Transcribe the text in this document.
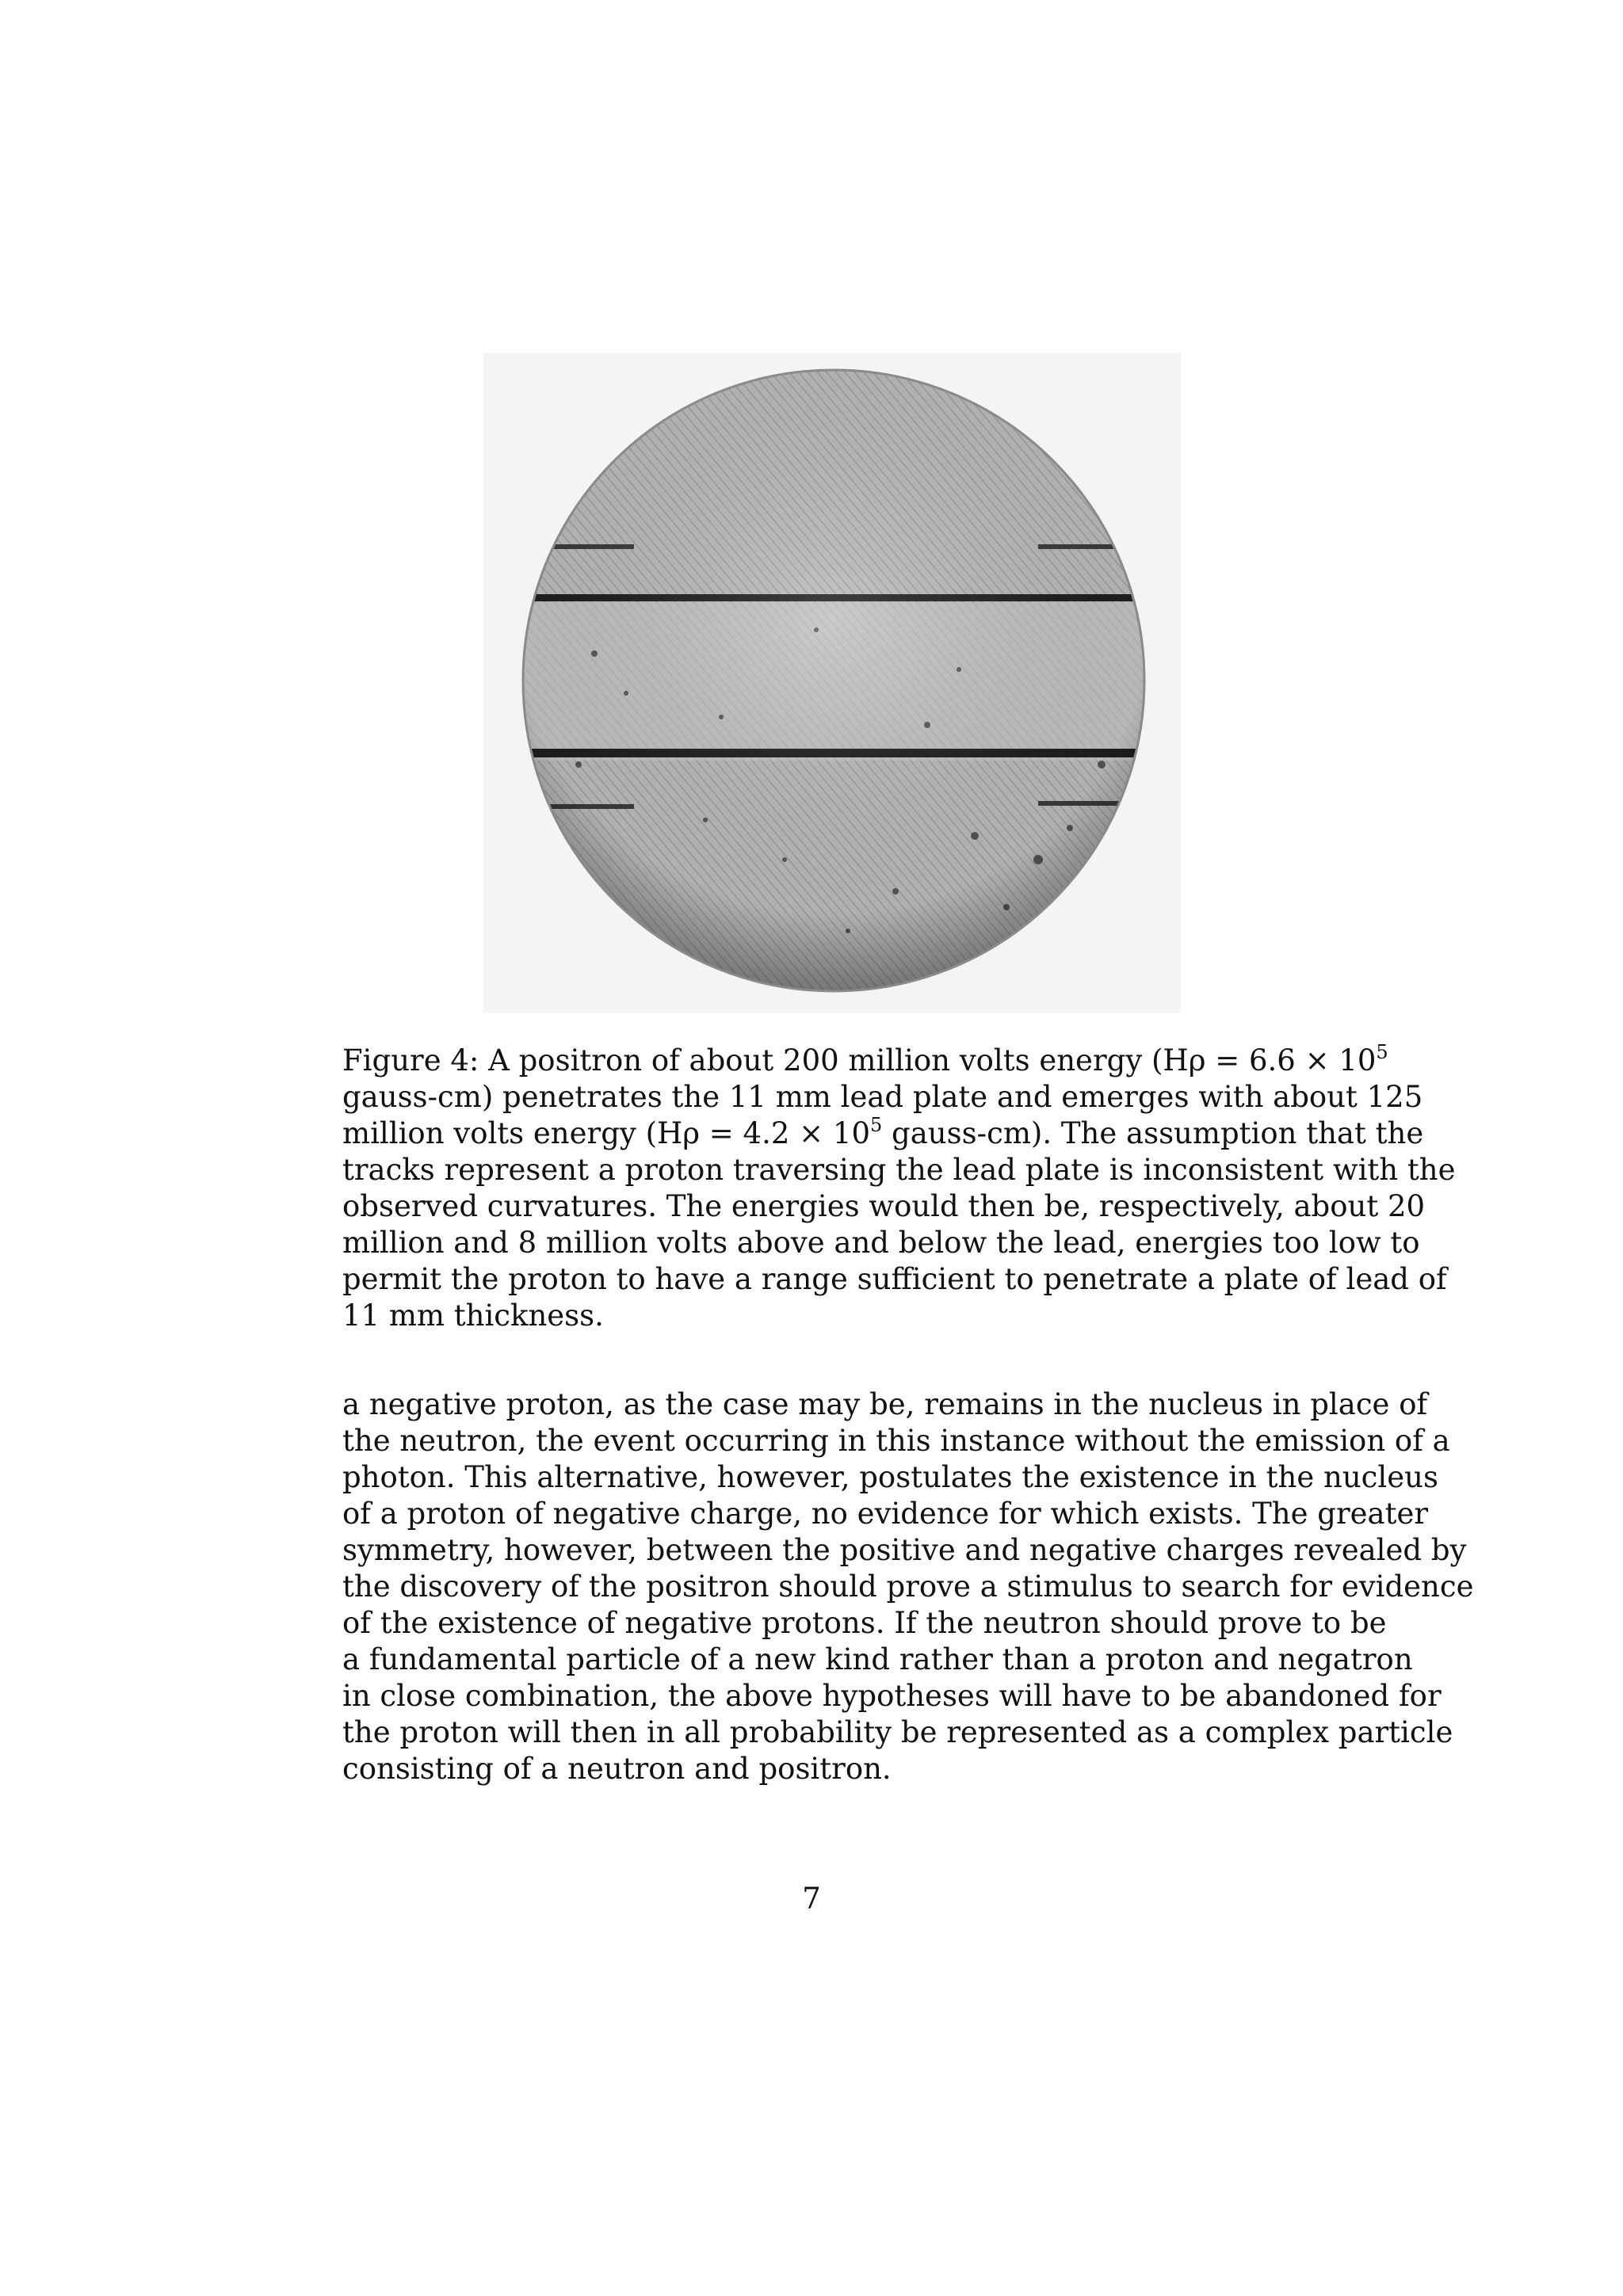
Figure 4: A positron of about 200 million volts energy ($H\rho = 6.6 \times 10^5$
gauss-cm) penetrates the 11 mm lead plate and emerges with about 125
million volts energy ($H\rho = 4.2 \times 10^5$ gauss-cm). The assumption that the
tracks represent a proton traversing the lead plate is inconsistent with the
observed curvatures. The energies would then be, respectively, about 20
million and 8 million volts above and below the lead, energies too low to
permit the proton to have a range sufficient to penetrate a plate of lead of
11 mm thickness.
a negative proton, as the case may be, remains in the nucleus in place of
the neutron, the event occurring in this instance without the emission of a
photon. This alternative, however, postulates the existence in the nucleus
of a proton of negative charge, no evidence for which exists. The greater
symmetry, however, between the positive and negative charges revealed by
the discovery of the positron should prove a stimulus to search for evidence
of the existence of negative protons. If the neutron should prove to be
a fundamental particle of a new kind rather than a proton and negatron
in close combination, the above hypotheses will have to be abandoned for
the proton will then in all probability be represented as a complex particle
consisting of a neutron and positron.
7
